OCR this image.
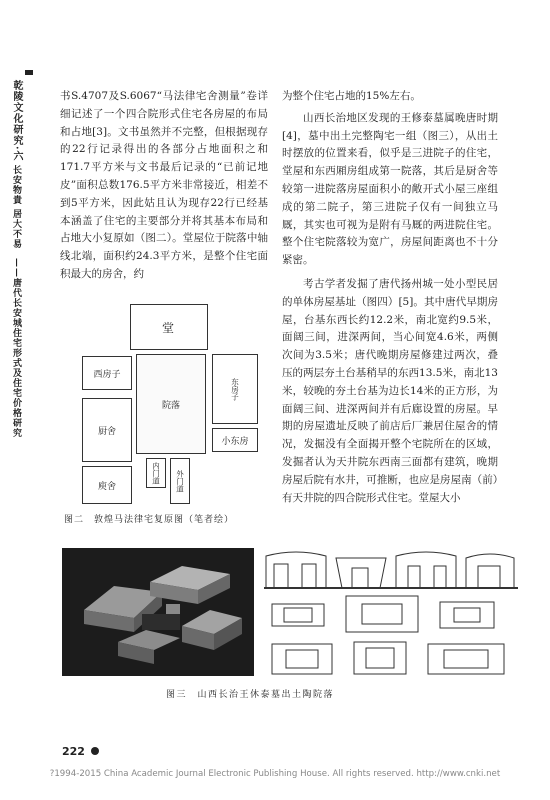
乾陵文化研究·六
长安物貴 居大不易
——唐代长安城住宅形式及住宅价格研究

书S.4707及S.6067“马法律宅舍测量”卷详细记述了一个四合院形式住宅各房屋的布局和占地[3]。文书虽然并不完整，但根据现存的22行记录得出的各部分占地面积之和171.7平方米与文书最后记录的“已前记地皮”面积总数176.5平方米非常接近，相差不到5平方米，因此姑且认为现存22行已经基本涵盖了住宅的主要部分并将其基本布局和占地大小复原如（图二）。堂屋位于院落中轴线北端，面积约24.3平方米，是整个住宅面积最大的房舍，约

为整个住宅占地的15%左右。

山西长治地区发现的王修泰墓属晚唐时期[4]，墓中出土完整陶宅一组（图三），从出土时摆放的位置来看，似乎是三进院子的住宅，堂屋和东西厢房组成第一院落，其后是厨舍等较第一进院落房屋面积小的敞开式小屋三座组成的第二院子，第三进院子仅有一间独立马厩，其实也可视为是附有马厩的两进院住宅。整个住宅院落较为宽广，房屋间距离也不十分紧密。

考古学者发掘了唐代扬州城一处小型民居的单体房屋基址（图四）[5]。其中唐代早期房屋，台基东西长约12.2米，南北宽约9.5米，面阔三间，进深两间，当心间宽4.6米，两侧次间为3.5米；唐代晚期房屋修建过两次，叠压的两层夯土台基稍早的东西13.5米，南北13米，较晚的夯土台基为边长14米的正方形，为面阔三间、进深两间并有后廊设置的房屋。早期的房屋遗址反映了前店后厂兼居住屋舍的情况，发掘没有全面揭开整个宅院所在的区域，发掘者认为天井院东西南三面都有建筑，晚期房屋后院有水井，可推断，也应是房屋南（前）有天井院的四合院形式住宅。堂屋大小

堂
西房子
院落
东房子
厨舍
小东房
内门道	外门道
庾舍
图二　敦煌马法律宅复原图（笔者绘）
图三　山西长治王休泰墓出土陶院落
222
?1994-2015 China Academic Journal Electronic Publishing House. All rights reserved. http://www.cnki.net
